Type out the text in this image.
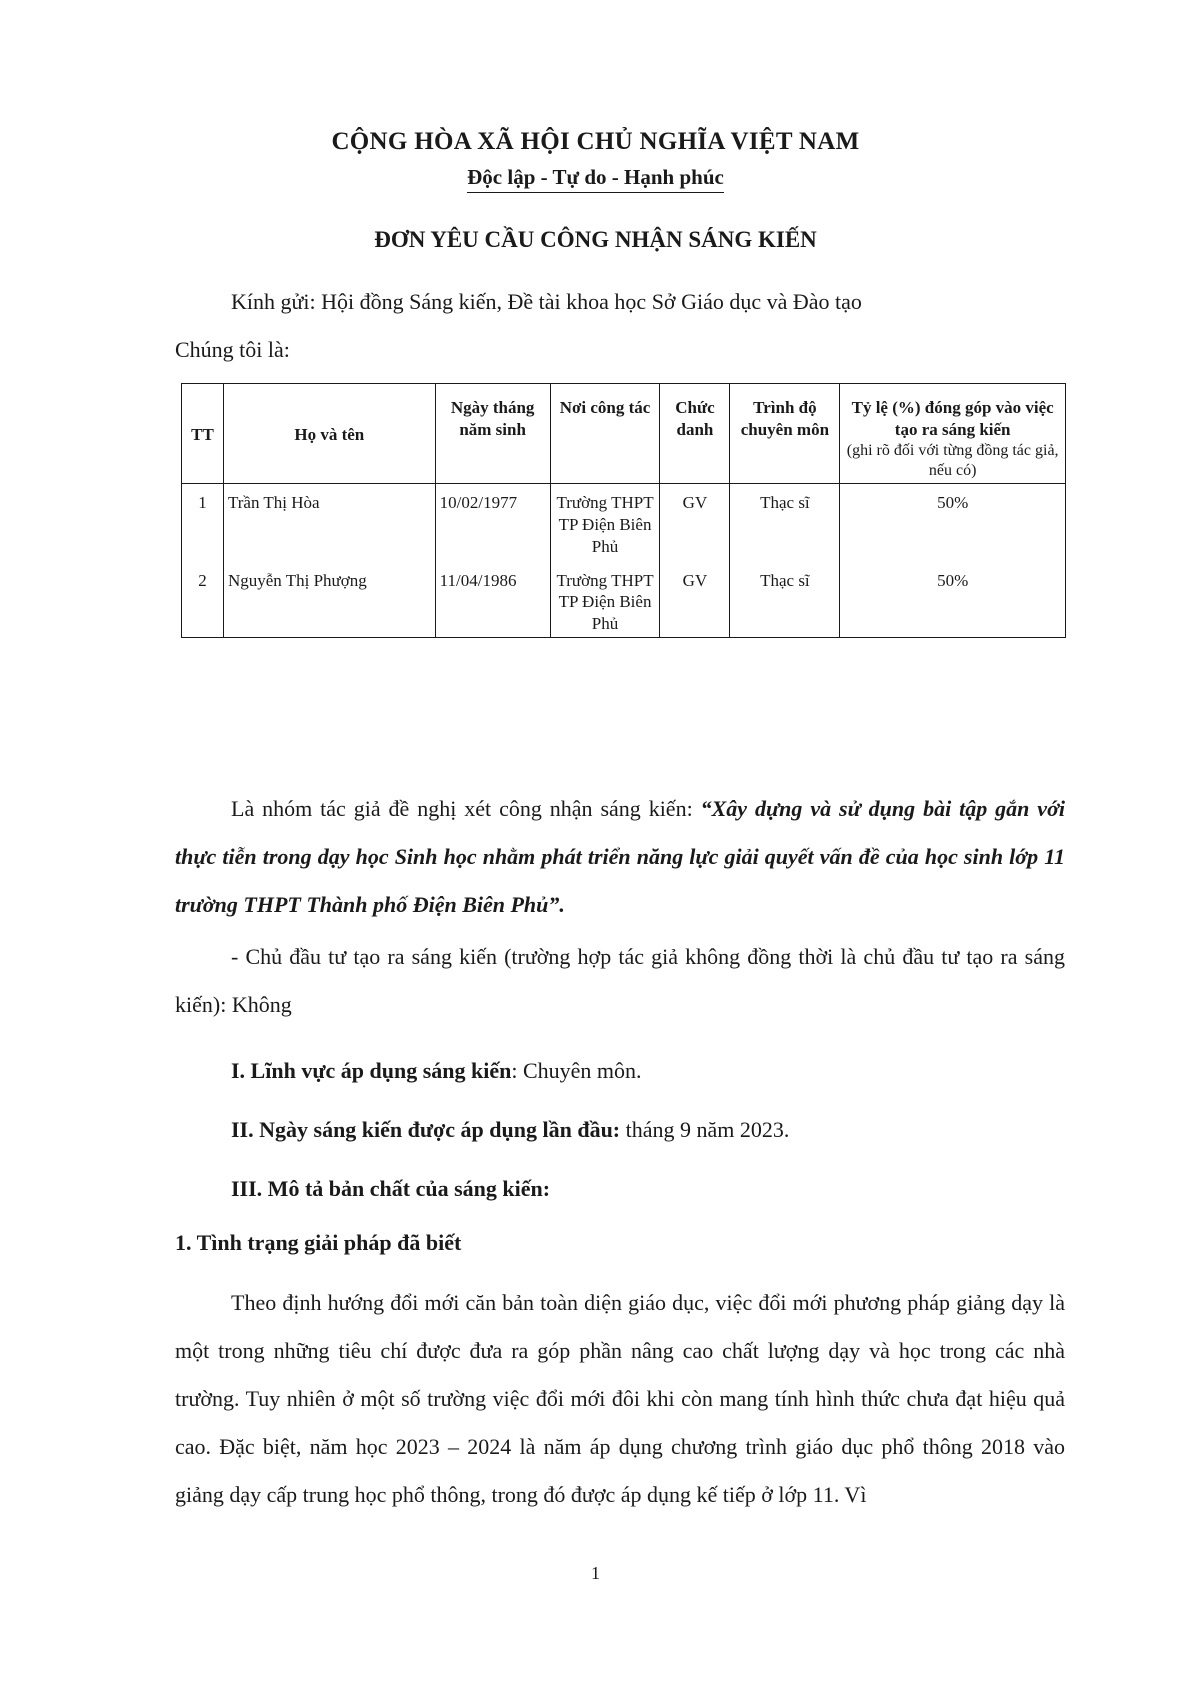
CỘNG HÒA XÃ HỘI CHỦ NGHĨA VIỆT NAM
Độc lập - Tự do - Hạnh phúc
ĐƠN YÊU CẦU CÔNG NHẬN SÁNG KIẾN
Kính gửi: Hội đồng Sáng kiến, Đề tài khoa học Sở Giáo dục và Đào tạo
Chúng tôi là:
TT	Họ và tên	Ngày tháng năm sinh	Nơi công tác	Chức danh	Trình độ chuyên môn	Tỷ lệ (%) đóng góp vào việc tạo ra sáng kiến
(ghi rõ đối với từng đồng tác giả, nếu có)

1	Trần Thị Hòa	10/02/1977	Trường THPT TP Điện Biên Phủ	GV	Thạc sĩ	50%
2	Nguyễn Thị Phượng	11/04/1986	Trường THPT TP Điện Biên Phủ	GV	Thạc sĩ	50%
Là nhóm tác giả đề nghị xét công nhận sáng kiến: “Xây dựng và sử dụng bài tập gắn với thực tiễn trong dạy học Sinh học nhằm phát triển năng lực giải quyết vấn đề của học sinh lớp 11 trường THPT Thành phố Điện Biên Phủ”.
- Chủ đầu tư tạo ra sáng kiến (trường hợp tác giả không đồng thời là chủ đầu tư tạo ra sáng kiến): Không
I. Lĩnh vực áp dụng sáng kiến: Chuyên môn.
II. Ngày sáng kiến được áp dụng lần đầu: tháng 9 năm 2023.
III. Mô tả bản chất của sáng kiến:
1. Tình trạng giải pháp đã biết
Theo định hướng đổi mới căn bản toàn diện giáo dục, việc đổi mới phương pháp giảng dạy là một trong những tiêu chí được đưa ra góp phần nâng cao chất lượng dạy và học trong các nhà trường. Tuy nhiên ở một số trường việc đổi mới đôi khi còn mang tính hình thức chưa đạt hiệu quả cao. Đặc biệt, năm học 2023 – 2024 là năm áp dụng chương trình giáo dục phổ thông 2018 vào giảng dạy cấp trung học phổ thông, trong đó được áp dụng kế tiếp ở lớp 11. Vì
1
